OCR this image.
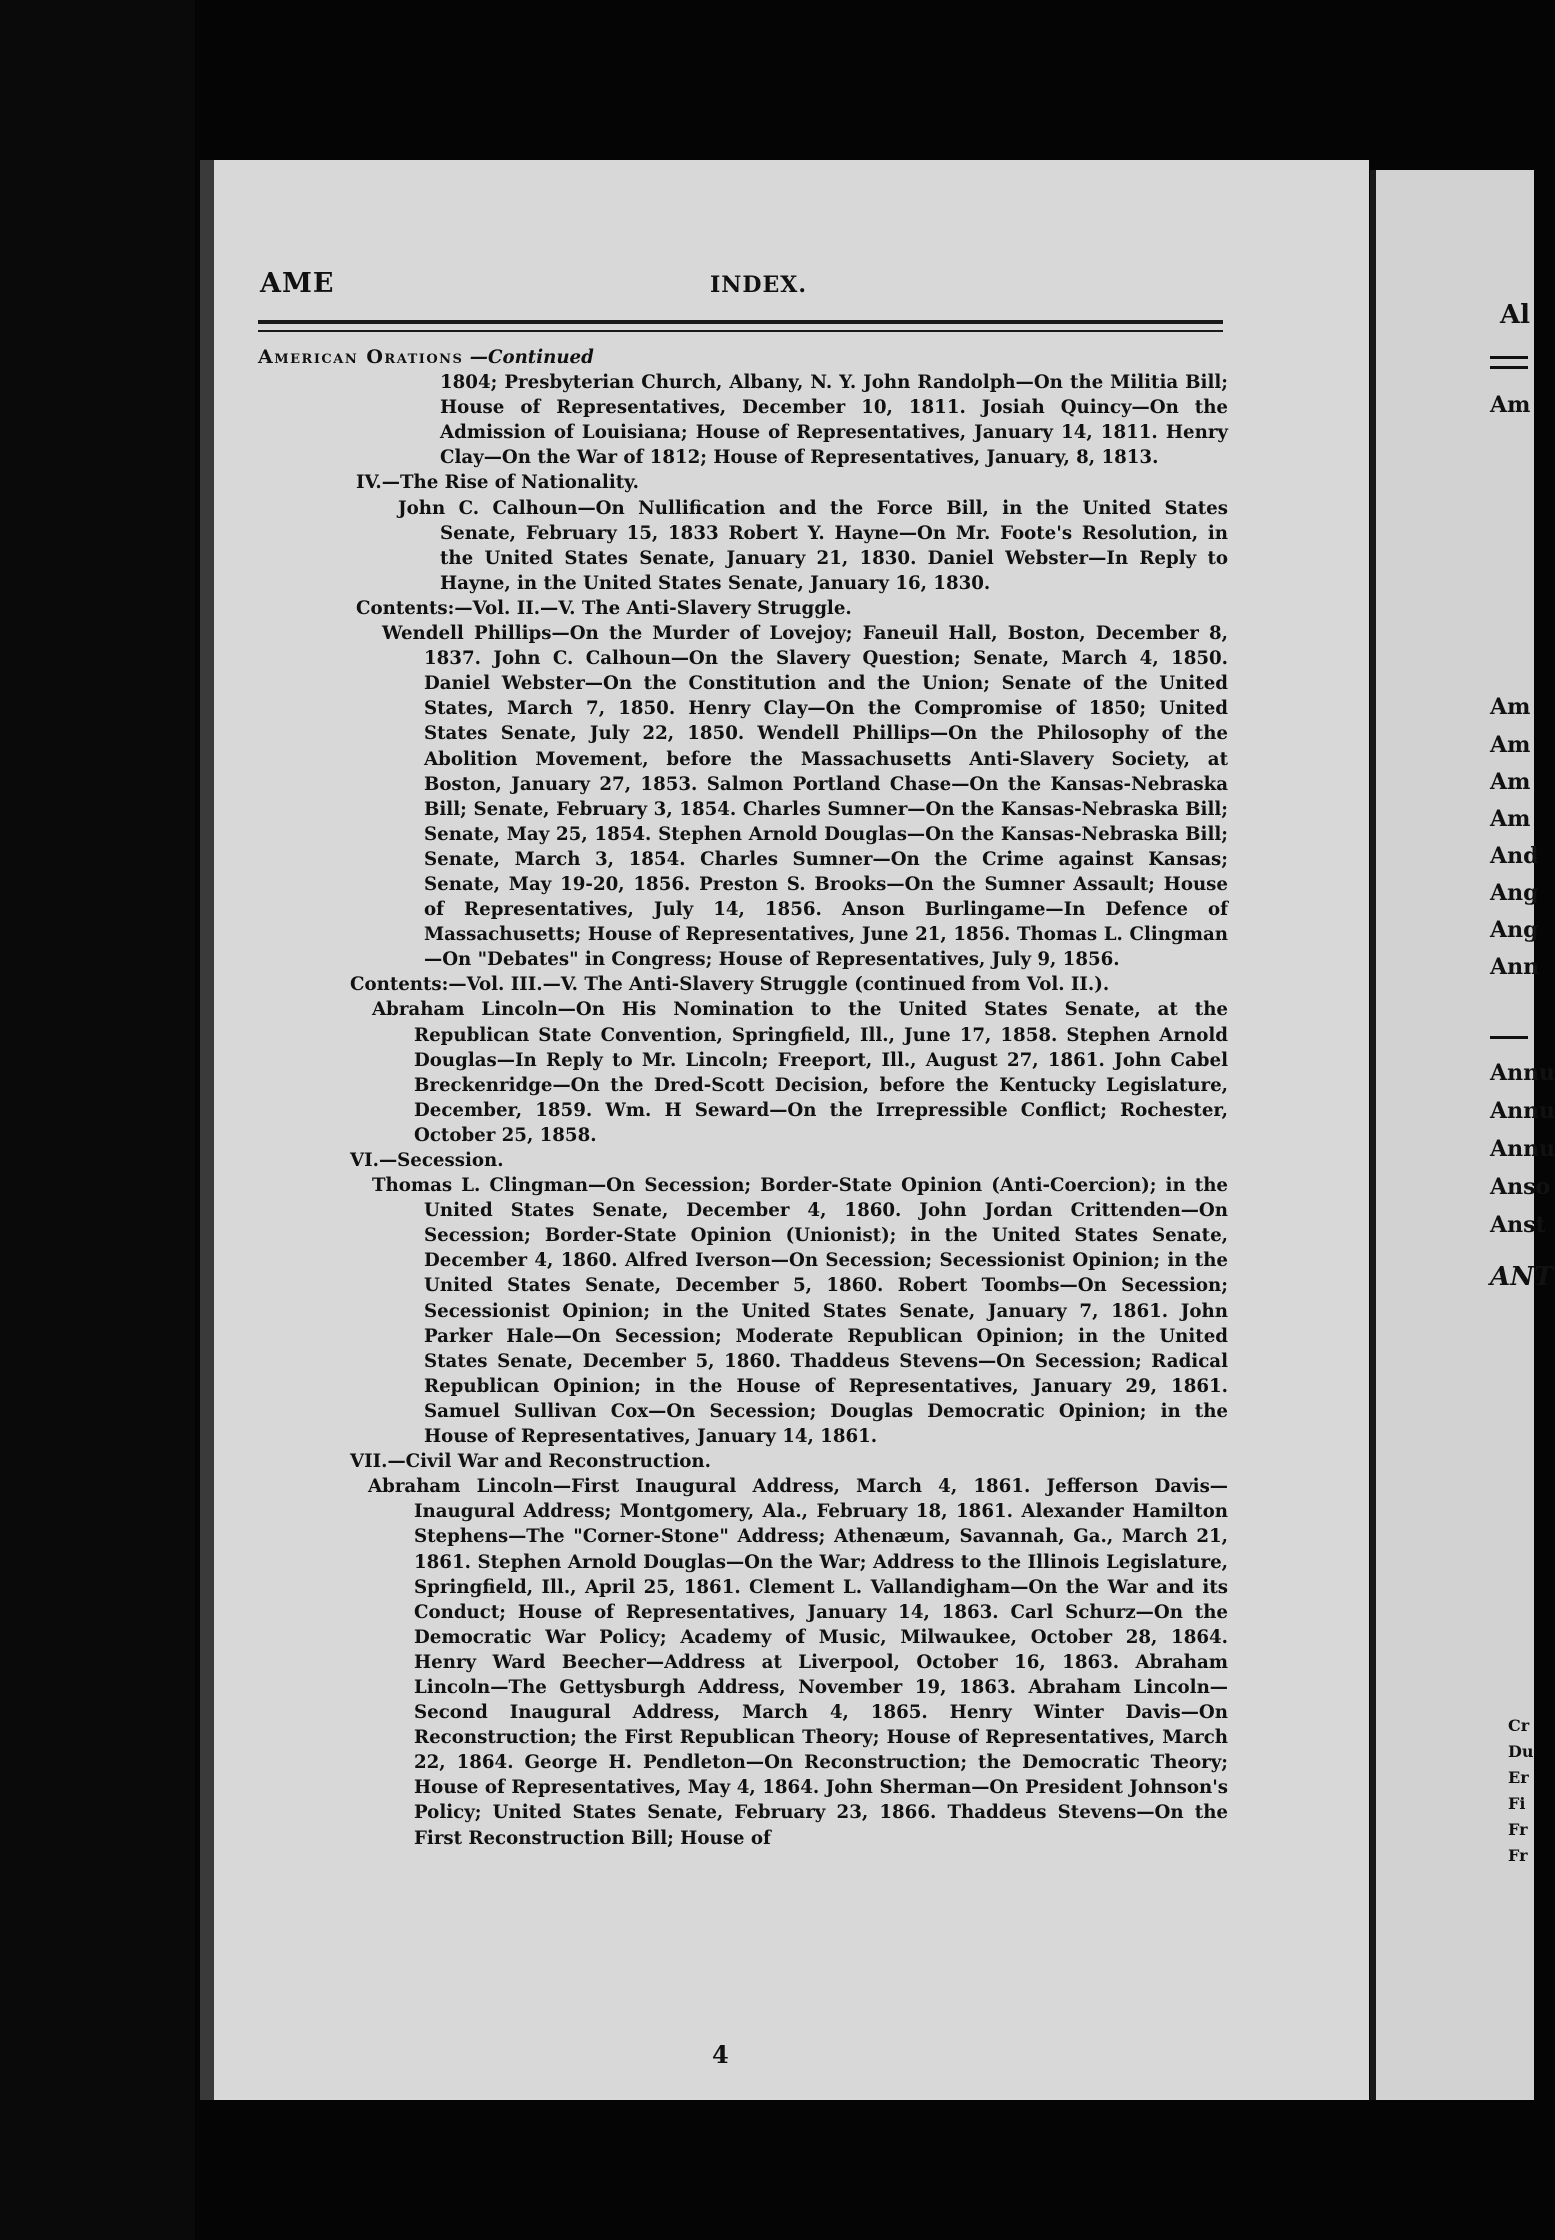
AME	INDEX.

American Orations —Continued

1804; Presbyterian Church, Albany, N. Y. John Randolph—On the Militia Bill; House of Representatives, December 10, 1811. Josiah Quincy—On the Admission of Louisiana; House of Representatives, January 14, 1811. Henry Clay—On the War of 1812; House of Representatives, January, 8, 1813.

IV.—The Rise of Nationality.

John C. Calhoun—On Nullification and the Force Bill, in the United States Senate, February 15, 1833 Robert Y. Hayne—On Mr. Foote's Resolution, in the United States Senate, January 21, 1830. Daniel Webster—In Reply to Hayne, in the United States Senate, January 16, 1830.

Contents:—Vol. II.—V. The Anti-Slavery Struggle.

Wendell Phillips—On the Murder of Lovejoy; Faneuil Hall, Boston, December 8, 1837. John C. Calhoun—On the Slavery Question; Senate, March 4, 1850. Daniel Webster—On the Constitution and the Union; Senate of the United States, March 7, 1850. Henry Clay—On the Compromise of 1850; United States Senate, July 22, 1850. Wendell Phillips—On the Philosophy of the Abolition Movement, before the Massachusetts Anti-Slavery Society, at Boston, January 27, 1853. Salmon Portland Chase—On the Kansas-Nebraska Bill; Senate, February 3, 1854. Charles Sumner—On the Kansas-Nebraska Bill; Senate, May 25, 1854. Stephen Arnold Douglas—On the Kansas-Nebraska Bill; Senate, March 3, 1854. Charles Sumner—On the Crime against Kansas; Senate, May 19-20, 1856. Preston S. Brooks—On the Sumner Assault; House of Representatives, July 14, 1856. Anson Burlingame—In Defence of Massachusetts; House of Representatives, June 21, 1856. Thomas L. Clingman—On "Debates" in Congress; House of Representatives, July 9, 1856.

Contents:—Vol. III.—V. The Anti-Slavery Struggle (continued from Vol. II.).

Abraham Lincoln—On His Nomination to the United States Senate, at the Republican State Convention, Springfield, Ill., June 17, 1858. Stephen Arnold Douglas—In Reply to Mr. Lincoln; Freeport, Ill., August 27, 1861. John Cabel Breckenridge—On the Dred-Scott Decision, before the Kentucky Legislature, December, 1859. Wm. H Seward—On the Irrepressible Conflict; Rochester, October 25, 1858.

VI.—Secession.

Thomas L. Clingman—On Secession; Border-State Opinion (Anti-Coercion); in the United States Senate, December 4, 1860. John Jordan Crittenden—On Secession; Border-State Opinion (Unionist); in the United States Senate, December 4, 1860. Alfred Iverson—On Secession; Secessionist Opinion; in the United States Senate, December 5, 1860. Robert Toombs—On Secession; Secessionist Opinion; in the United States Senate, January 7, 1861. John Parker Hale—On Secession; Moderate Republican Opinion; in the United States Senate, December 5, 1860. Thaddeus Stevens—On Secession; Radical Republican Opinion; in the House of Representatives, January 29, 1861. Samuel Sullivan Cox—On Secession; Douglas Democratic Opinion; in the House of Representatives, January 14, 1861.

VII.—Civil War and Reconstruction.

Abraham Lincoln—First Inaugural Address, March 4, 1861. Jefferson Davis—Inaugural Address; Montgomery, Ala., February 18, 1861. Alexander Hamilton Stephens—The "Corner-Stone" Address; Athenæum, Savannah, Ga., March 21, 1861. Stephen Arnold Douglas—On the War; Address to the Illinois Legislature, Springfield, Ill., April 25, 1861. Clement L. Vallandigham—On the War and its Conduct; House of Representatives, January 14, 1863. Carl Schurz—On the Democratic War Policy; Academy of Music, Milwaukee, October 28, 1864. Henry Ward Beecher—Address at Liverpool, October 16, 1863. Abraham Lincoln—The Gettysburgh Address, November 19, 1863. Abraham Lincoln—Second Inaugural Address, March 4, 1865. Henry Winter Davis—On Reconstruction; the First Republican Theory; House of Representatives, March 22, 1864. George H. Pendleton—On Reconstruction; the Democratic Theory; House of Representatives, May 4, 1864. John Sherman—On President Johnson's Policy; United States Senate, February 23, 1866. Thaddeus Stevens—On the First Reconstruction Bill; House of

4
Al
Am
Am
Am
Am
Am
And
Ang
Ang
Ann
Annu
Annu
Annu
Anso
Anst
ANT
Cr
Du
Er
Fi
Fr
Fr
